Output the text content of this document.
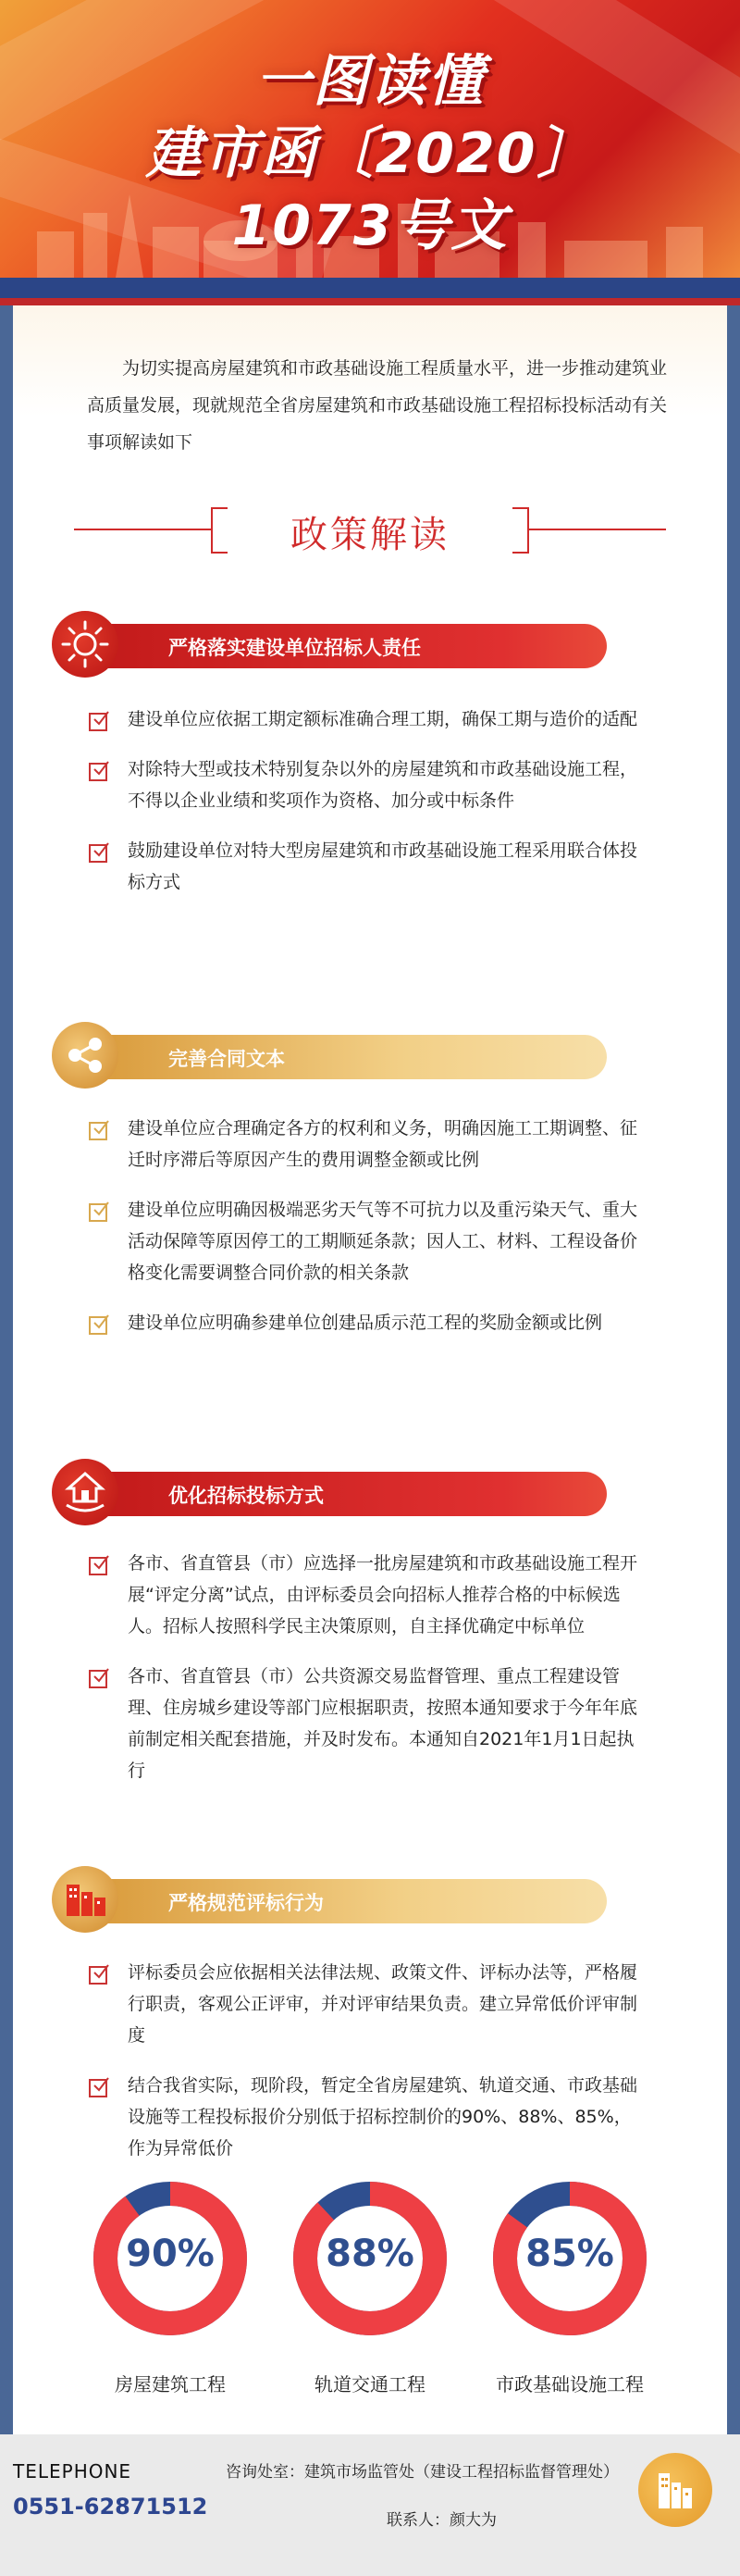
一图读懂
建市函〔2020〕
1073号文

为切实提高房屋建筑和市政基础设施工程质量水平，进一步推动建筑业高质量发展，现就规范全省房屋建筑和市政基础设施工程招标投标活动有关事项解读如下

政策解读
严格落实建设单位招标人责任
建设单位应依据工期定额标准确合理工期，确保工期与造价的适配
对除特大型或技术特别复杂以外的房屋建筑和市政基础设施工程，不得以企业业绩和奖项作为资格、加分或中标条件
鼓励建设单位对特大型房屋建筑和市政基础设施工程采用联合体投标方式
完善合同文本
建设单位应合理确定各方的权利和义务，明确因施工工期调整、征迁时序滞后等原因产生的费用调整金额或比例
建设单位应明确因极端恶劣天气等不可抗力以及重污染天气、重大活动保障等原因停工的工期顺延条款；因人工、材料、工程设备价格变化需要调整合同价款的相关条款
建设单位应明确参建单位创建品质示范工程的奖励金额或比例
优化招标投标方式
各市、省直管县（市）应选择一批房屋建筑和市政基础设施工程开展“评定分离”试点，由评标委员会向招标人推荐合格的中标候选人。招标人按照科学民主决策原则，自主择优确定中标单位
各市、省直管县（市）公共资源交易监督管理、重点工程建设管理、住房城乡建设等部门应根据职责，按照本通知要求于今年年底前制定相关配套措施，并及时发布。本通知自2021年1月1日起执行
严格规范评标行为
评标委员会应依据相关法律法规、政策文件、评标办法等，严格履行职责，客观公正评审，并对评审结果负责。建立异常低价评审制度
结合我省实际，现阶段，暂定全省房屋建筑、轨道交通、市政基础设施等工程投标报价分别低于招标控制价的90%、88%、85%，作为异常低价
90%	88%	85%
房屋建筑工程	轨道交通工程	市政基础设施工程
TELEPHONE
0551-62871512
咨询处室：建筑市场监管处（建设工程招标监督管理处）
联系人：颜大为
